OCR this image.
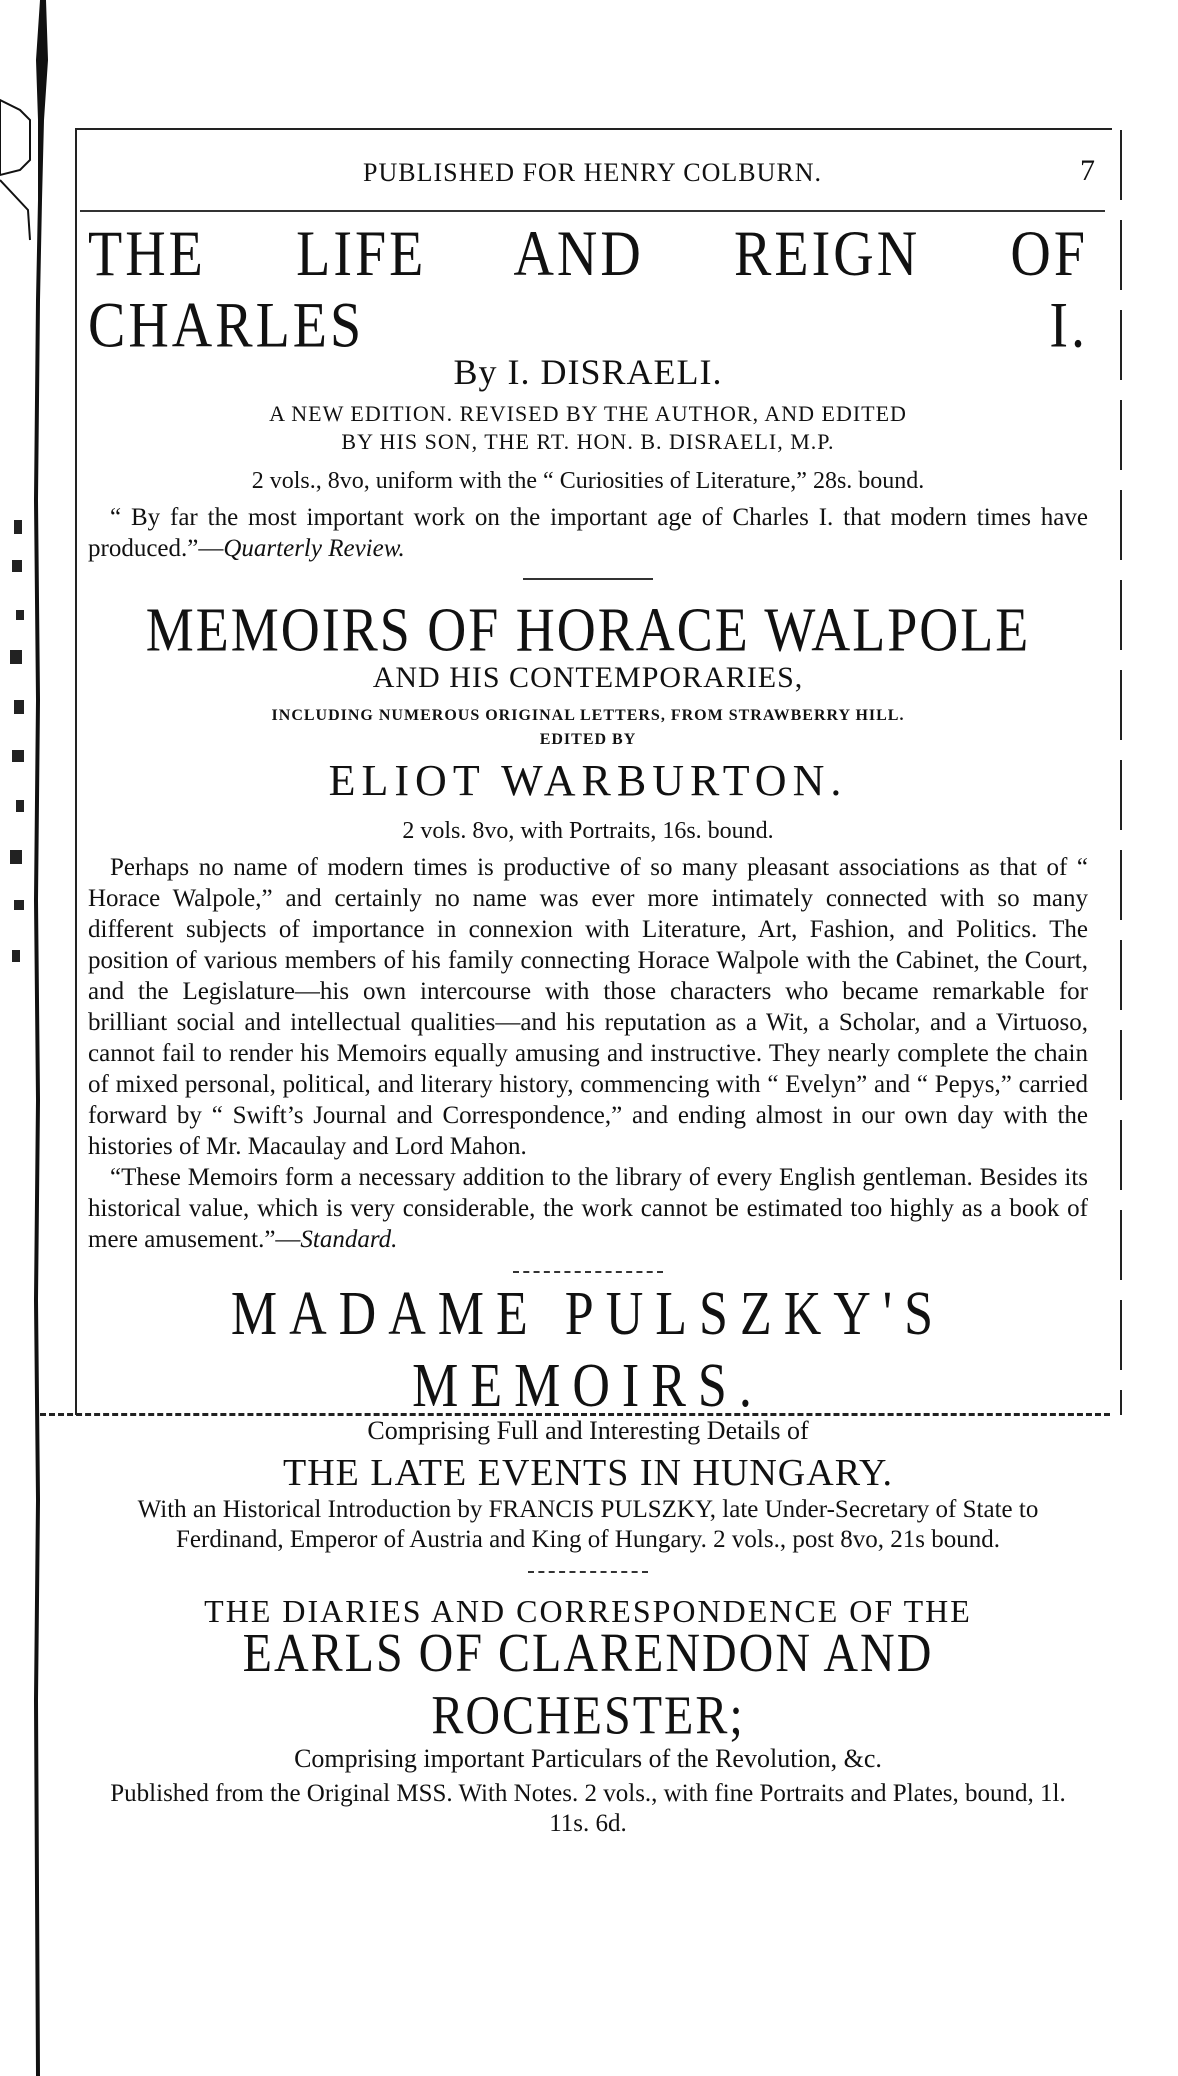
PUBLISHED FOR HENRY COLBURN.	7

THE LIFE AND REIGN OF CHARLES I.

By I. DISRAELI.

A NEW EDITION. REVISED BY THE AUTHOR, AND EDITED

BY HIS SON, THE RT. HON. B. DISRAELI, M.P.

2 vols., 8vo, uniform with the “ Curiosities of Literature,” 28s. bound.

“ By far the most important work on the important age of Charles I. that modern times have produced.”—Quarterly Review.

MEMOIRS OF HORACE WALPOLE

AND HIS CONTEMPORARIES,

INCLUDING NUMEROUS ORIGINAL LETTERS, FROM STRAWBERRY HILL.

EDITED BY

ELIOT WARBURTON.

2 vols. 8vo, with Portraits, 16s. bound.

Perhaps no name of modern times is productive of so many pleasant associations as that of “ Horace Walpole,” and certainly no name was ever more intimately connected with so many different subjects of importance in connexion with Literature, Art, Fashion, and Politics. The position of various members of his family connecting Horace Walpole with the Cabinet, the Court, and the Legislature—his own intercourse with those characters who became remarkable for brilliant social and intellectual qualities—and his reputation as a Wit, a Scholar, and a Virtuoso, cannot fail to render his Memoirs equally amusing and instructive. They nearly complete the chain of mixed personal, political, and literary history, commencing with “ Evelyn” and “ Pepys,” carried forward by “ Swift’s Journal and Correspondence,” and ending almost in our own day with the histories of Mr. Macaulay and Lord Mahon.

“These Memoirs form a necessary addition to the library of every English gentleman. Besides its historical value, which is very considerable, the work cannot be estimated too highly as a book of mere amusement.”—Standard.

MADAME PULSZKY'S MEMOIRS.

Comprising Full and Interesting Details of

THE LATE EVENTS IN HUNGARY.

With an Historical Introduction by FRANCIS PULSZKY, late Under-Secretary of State to Ferdinand, Emperor of Austria and King of Hungary. 2 vols., post 8vo, 21s bound.

THE DIARIES AND CORRESPONDENCE OF THE

EARLS OF CLARENDON AND ROCHESTER;

Comprising important Particulars of the Revolution, &c.

Published from the Original MSS. With Notes. 2 vols., with fine Portraits and Plates, bound, 1l. 11s. 6d.
